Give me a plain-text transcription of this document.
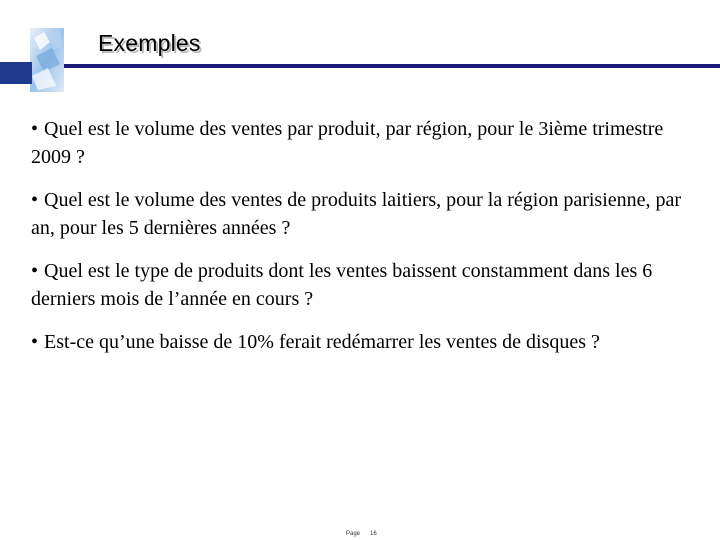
Exemples

• Quel est le volume des ventes par produit, par région, pour le 3ième trimestre 2009 ?

• Quel est le volume des ventes de produits laitiers, pour la région parisienne, par an, pour les 5 dernières années ?

• Quel est le type de produits dont les ventes baissent constamment dans les 6 derniers mois de l’année en cours ?

• Est-ce qu’une baisse de 10% ferait redémarrer les ventes de disques ?

Page 16
